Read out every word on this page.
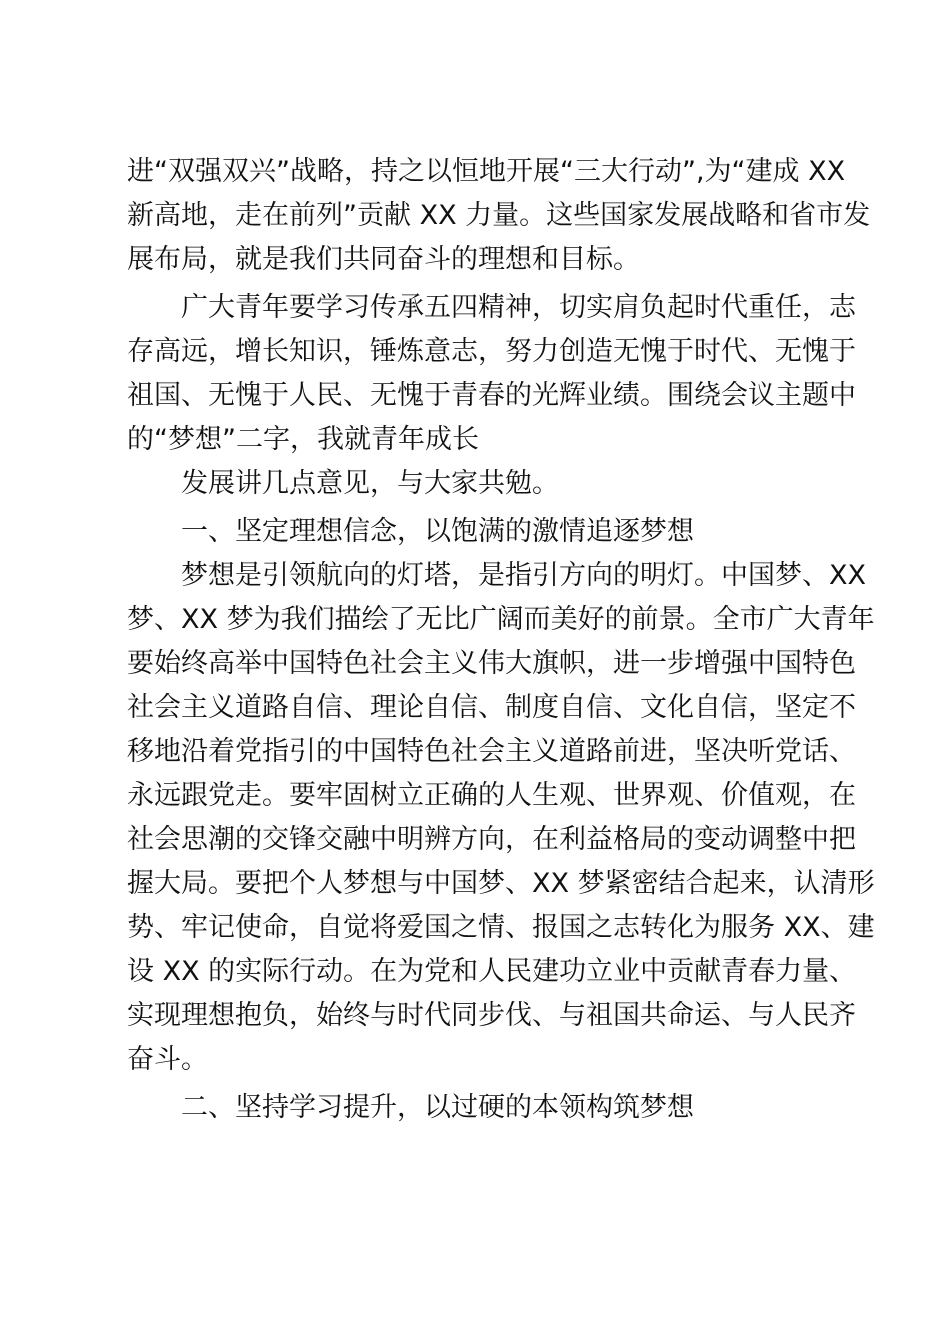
进“双强双兴”战略，持之以恒地开展“三大行动”,为“建成 XX
新高地，走在前列”贡献 XX 力量。这些国家发展战略和省市发
展布局，就是我们共同奋斗的理想和目标。
广大青年要学习传承五四精神，切实肩负起时代重任，志
存高远，增长知识，锤炼意志，努力创造无愧于时代、无愧于
祖国、无愧于人民、无愧于青春的光辉业绩。围绕会议主题中
的“梦想”二字，我就青年成长
发展讲几点意见，与大家共勉。
一、坚定理想信念，以饱满的激情追逐梦想
梦想是引领航向的灯塔，是指引方向的明灯。中国梦、XX
梦、XX 梦为我们描绘了无比广阔而美好的前景。全市广大青年
要始终高举中国特色社会主义伟大旗帜，进一步增强中国特色
社会主义道路自信、理论自信、制度自信、文化自信，坚定不
移地沿着党指引的中国特色社会主义道路前进，坚决听党话、
永远跟党走。要牢固树立正确的人生观、世界观、价值观，在
社会思潮的交锋交融中明辨方向，在利益格局的变动调整中把
握大局。要把个人梦想与中国梦、XX 梦紧密结合起来，认清形
势、牢记使命，自觉将爱国之情、报国之志转化为服务 XX、建
设 XX 的实际行动。在为党和人民建功立业中贡献青春力量、
实现理想抱负，始终与时代同步伐、与祖国共命运、与人民齐
奋斗。
二、坚持学习提升，以过硬的本领构筑梦想
